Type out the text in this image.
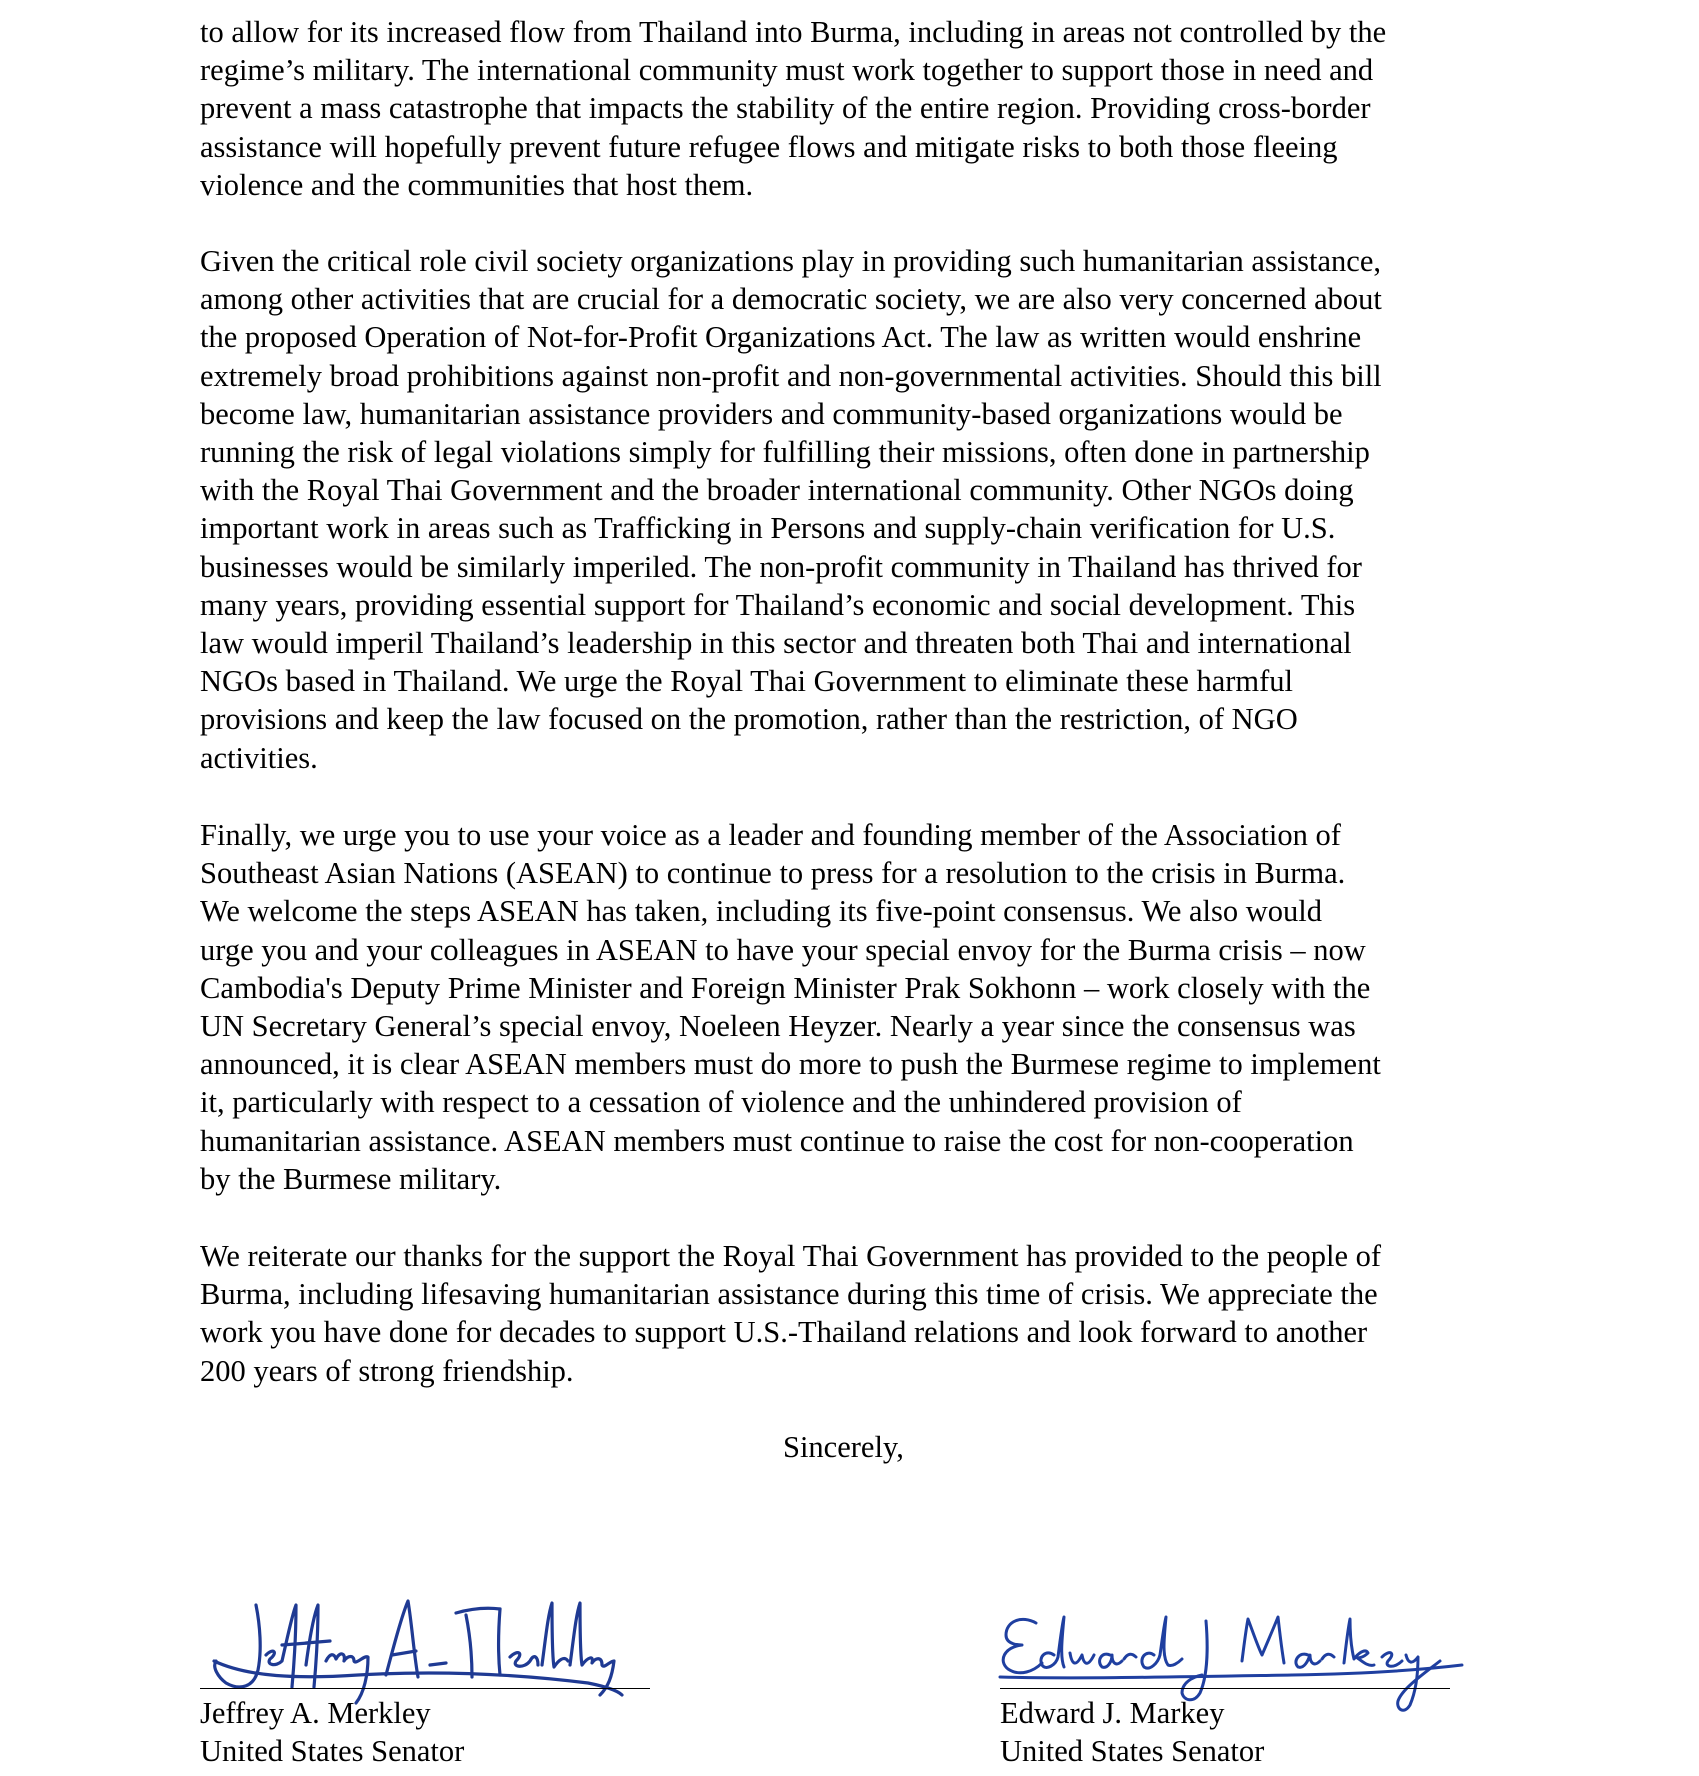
to allow for its increased flow from Thailand into Burma, including in areas not controlled by the
regime’s military. The international community must work together to support those in need and
prevent a mass catastrophe that impacts the stability of the entire region. Providing cross-border
assistance will hopefully prevent future refugee flows and mitigate risks to both those fleeing
violence and the communities that host them.
Given the critical role civil society organizations play in providing such humanitarian assistance,
among other activities that are crucial for a democratic society, we are also very concerned about
the proposed Operation of Not-for-Profit Organizations Act. The law as written would enshrine
extremely broad prohibitions against non-profit and non-governmental activities. Should this bill
become law, humanitarian assistance providers and community-based organizations would be
running the risk of legal violations simply for fulfilling their missions, often done in partnership
with the Royal Thai Government and the broader international community. Other NGOs doing
important work in areas such as Trafficking in Persons and supply-chain verification for U.S.
businesses would be similarly imperiled. The non-profit community in Thailand has thrived for
many years, providing essential support for Thailand’s economic and social development. This
law would imperil Thailand’s leadership in this sector and threaten both Thai and international
NGOs based in Thailand. We urge the Royal Thai Government to eliminate these harmful
provisions and keep the law focused on the promotion, rather than the restriction, of NGO
activities.
Finally, we urge you to use your voice as a leader and founding member of the Association of
Southeast Asian Nations (ASEAN) to continue to press for a resolution to the crisis in Burma.
We welcome the steps ASEAN has taken, including its five-point consensus. We also would
urge you and your colleagues in ASEAN to have your special envoy for the Burma crisis – now
Cambodia's Deputy Prime Minister and Foreign Minister Prak Sokhonn – work closely with the
UN Secretary General’s special envoy, Noeleen Heyzer. Nearly a year since the consensus was
announced, it is clear ASEAN members must do more to push the Burmese regime to implement
it, particularly with respect to a cessation of violence and the unhindered provision of
humanitarian assistance. ASEAN members must continue to raise the cost for non-cooperation
by the Burmese military.
We reiterate our thanks for the support the Royal Thai Government has provided to the people of
Burma, including lifesaving humanitarian assistance during this time of crisis. We appreciate the
work you have done for decades to support U.S.-Thailand relations and look forward to another
200 years of strong friendship.
Sincerely,
Jeffrey A. Merkley
United States Senator
Edward J. Markey
United States Senator
